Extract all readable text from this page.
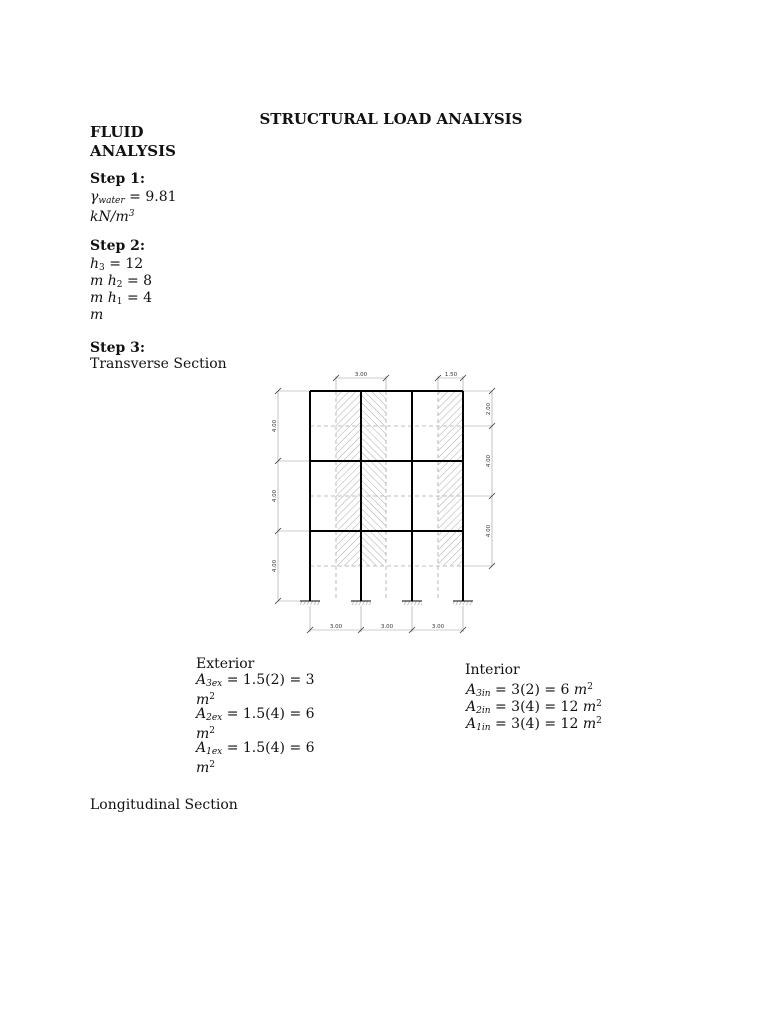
STRUCTURAL LOAD ANALYSIS
FLUID
ANALYSIS
Step 1:
$\gamma_{water} = 9.81$
$kN/m^3$
Step 2:
$h_3 = 12$
m $h_2 = 8$
m $h_1 = 4$
m
Step 3:
Transverse Section
3.00	1.50
4.00
4.00
4.00
2.00
4.00
4.00
3.00	3.00	3.00
Exterior
$A_{3ex} = 1.5(2) = 3$
$m^2$
$A_{2ex} = 1.5(4) = 6$
$m^2$
$A_{1ex} = 1.5(4) = 6$
$m^2$
Interior
$A_{3in} = 3(2) = 6$ $m^2$
$A_{2in} = 3(4) = 12$ $m^2$
$A_{1in} = 3(4) = 12$ $m^2$
Longitudinal Section
